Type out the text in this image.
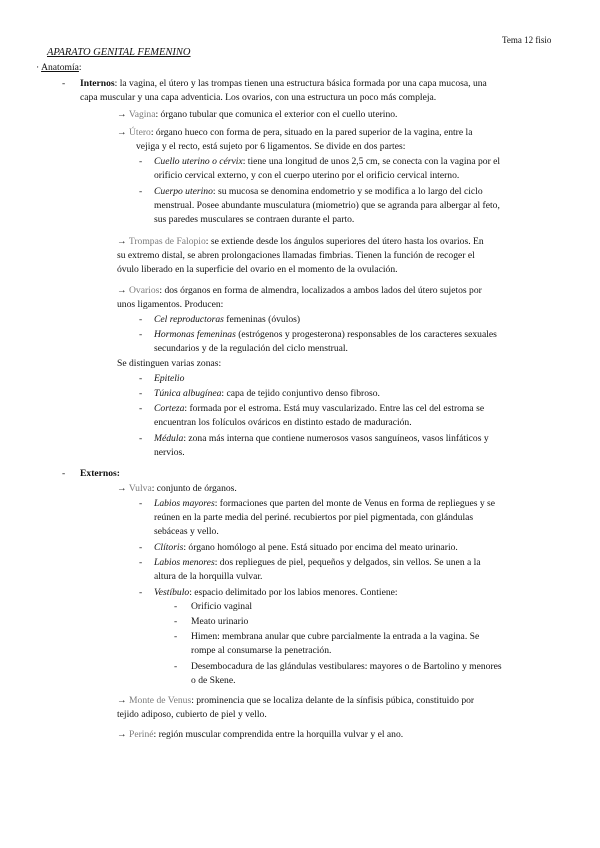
Tema 12 fisio
APARATO GENITAL FEMENINO
· Anatomía:
- Internos: la vagina, el útero y las trompas tienen una estructura básica formada por una capa mucosa, una
capa muscular y una capa adventicia. Los ovarios, con una estructura un poco más compleja.
→ Vagina: órgano tubular que comunica el exterior con el cuello uterino.
→ Útero: órgano hueco con forma de pera, situado en la pared superior de la vagina, entre la
vejiga y el recto, está sujeto por 6 ligamentos. Se divide en dos partes:
- Cuello uterino o cérvix: tiene una longitud de unos 2,5 cm, se conecta con la vagina por el
orificio cervical externo, y con el cuerpo uterino por el orificio cervical interno.
- Cuerpo uterino: su mucosa se denomina endometrio y se modifica a lo largo del ciclo
menstrual. Posee abundante musculatura (miometrio) que se agranda para albergar al feto,
sus paredes musculares se contraen durante el parto.
→ Trompas de Falopio: se extiende desde los ángulos superiores del útero hasta los ovarios. En
su extremo distal, se abren prolongaciones llamadas fimbrias. Tienen la función de recoger el
óvulo liberado en la superficie del ovario en el momento de la ovulación.
→ Ovarios: dos órganos en forma de almendra, localizados a ambos lados del útero sujetos por
unos ligamentos. Producen:
- Cel reproductoras femeninas (óvulos)
- Hormonas femeninas (estrógenos y progesterona) responsables de los caracteres sexuales
secundarios y de la regulación del ciclo menstrual.
Se distinguen varias zonas:
- Epitelio
- Túnica albugínea: capa de tejido conjuntivo denso fibroso.
- Corteza: formada por el estroma. Está muy vascularizado. Entre las cel del estroma se
encuentran los folículos ováricos en distinto estado de maduración.
- Médula: zona más interna que contiene numerosos vasos sanguíneos, vasos linfáticos y
nervios.
- Externos:
→ Vulva: conjunto de órganos.
- Labios mayores: formaciones que parten del monte de Venus en forma de repliegues y se
reúnen en la parte media del periné. recubiertos por piel pigmentada, con glándulas
sebáceas y vello.
- Clítoris: órgano homólogo al pene. Está situado por encima del meato urinario.
- Labios menores: dos repliegues de piel, pequeños y delgados, sin vellos. Se unen a la
altura de la horquilla vulvar.
- Vestíbulo: espacio delimitado por los labios menores. Contiene:
- Orificio vaginal
- Meato urinario
- Himen: membrana anular que cubre parcialmente la entrada a la vagina. Se
rompe al consumarse la penetración.
- Desembocadura de las glándulas vestibulares: mayores o de Bartolino y menores
o de Skene.
→ Monte de Venus: prominencia que se localiza delante de la sínfisis púbica, constituido por
tejido adiposo, cubierto de piel y vello.
→ Periné: región muscular comprendida entre la horquilla vulvar y el ano.
